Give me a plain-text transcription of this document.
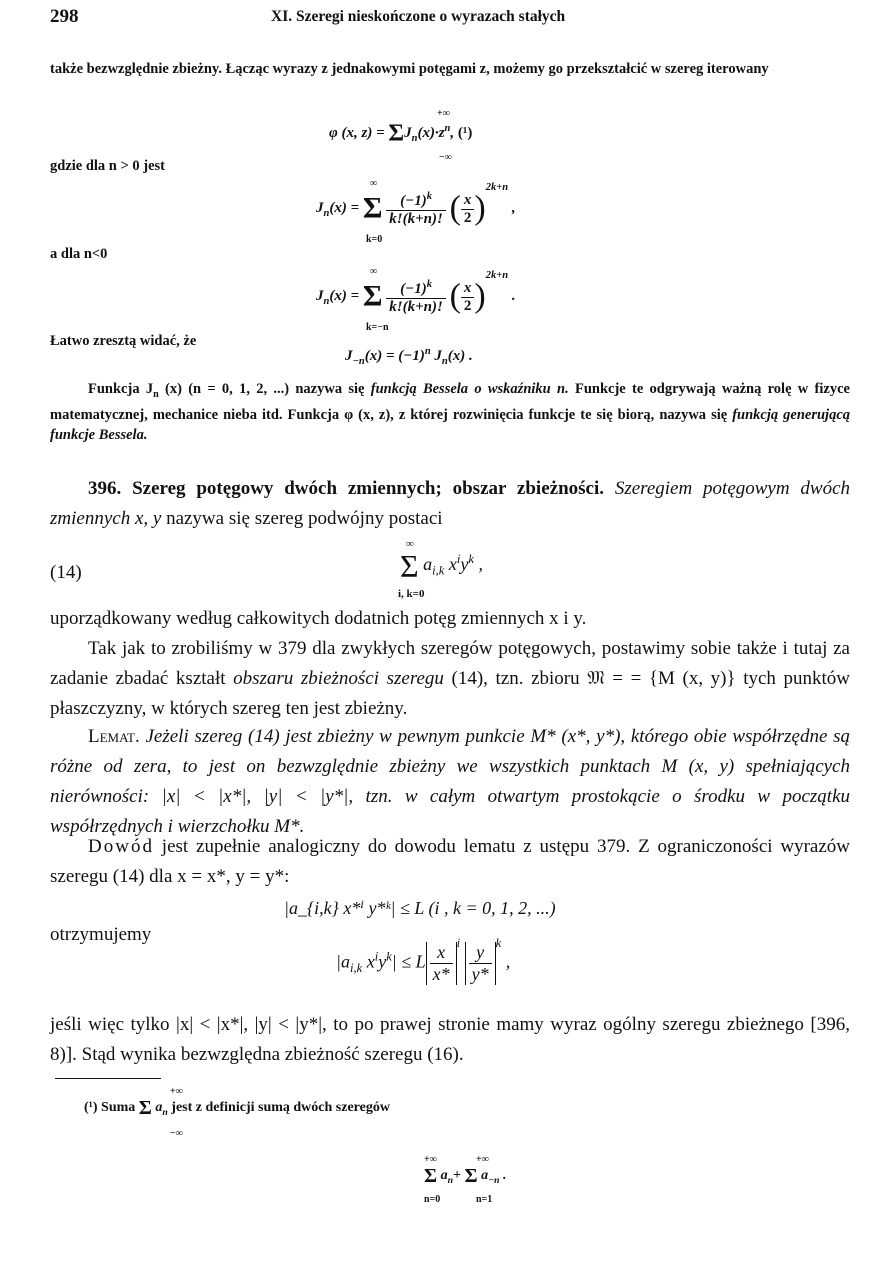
298	XI. Szeregi nieskończone o wyrazach stałych
także bezwzględnie zbieżny. Łącząc wyrazy z jednakowymi potęgami z, możemy go przekształcić w szereg iterowany
+∞
φ (x, $z) = \Sigma J_n(x)\cdot z^n$, (¹)
−∞
gdzie dla n > 0 jest
∞
$J_n(x) = \Sigma \frac{(-1)^k}{k!(k+n)!}$ ( $\frac{x}{2} )^{2k+n}$ ,
k=0
a dla n<0
∞
$J_n(x) = \Sigma \frac{(-1)^k}{k!(k+n)!}$ ( $\frac{x}{2} )^{2k+n}$ .
k=−n
Łatwo zresztą widać, że
$J_{-n}(x) = (-1)^n$ $J_n(x)$ .
Funkcja $J_n$ (x) (n = 0, 1, 2, ...) nazywa się funkcją Bessela o wskaźniku n. Funkcje te odgrywają ważną rolę w fizyce matematycznej, mechanice nieba itd. Funkcja φ (x, z), z której rozwinięcia funkcje te się biorą, nazywa się funkcją generującą funkcje Bessela.
396. Szereg potęgowy dwóch zmiennych; obszar zbieżności. Szeregiem potęgowym dwóch zmiennych x, y nazywa się szereg podwójny postaci
(14)
∞
Σ $a_{i,k}$ $x^iy^k$ ,
i, k=0
uporządkowany według całkowitych dodatnich potęg zmiennych x i y.
Tak jak to zrobiliśmy w 379 dla zwykłych szeregów potęgowych, postawimy sobie także i tutaj za zadanie zbadać kształt obszaru zbieżności szeregu (14), tzn. zbioru 𝔐 = = {M (x, y)} tych punktów płaszczyzny, w których szereg ten jest zbieżny.
Lemat. Jeżeli szereg (14) jest zbieżny w pewnym punkcie M* (x*, y*), którego obie współrzędne są różne od zera, to jest on bezwzględnie zbieżny we wszystkich punktach M (x, y) spełniających nierówności: |x| < |x*|, |y| < |y*|, tzn. w całym otwartym prostokącie o środku w początku współrzędnych i wierzchołku M*.
Dowód jest zupełnie analogiczny do dowodu lematu z ustępu 379. Z ograniczoności wyrazów szeregu (14) dla x = x*, y = y*:
|a_{i,k} x*ⁱ y*ᵏ| ≤ L (i , k = 0, 1, 2, ...)
otrzymujemy
$|a_{i,k}$ $x^iy^k| \le L \frac{x}{x*} ^i \frac{y}{y*} ^k$ ,
jeśli więc tylko |x| < |x*|, |y| < |y*|, to po prawej stronie mamy wyraz ogólny szeregu zbieżnego [396, 8)]. Stąd wynika bezwzględna zbieżność szeregu (16).
+∞
(¹) Suma Σ $a_n$ jest z definicji sumą dwóch szeregów
−∞
+∞	+∞
Σ $a_n+ \Sigma$ $a_{-n}$ .
n=0	n=1
